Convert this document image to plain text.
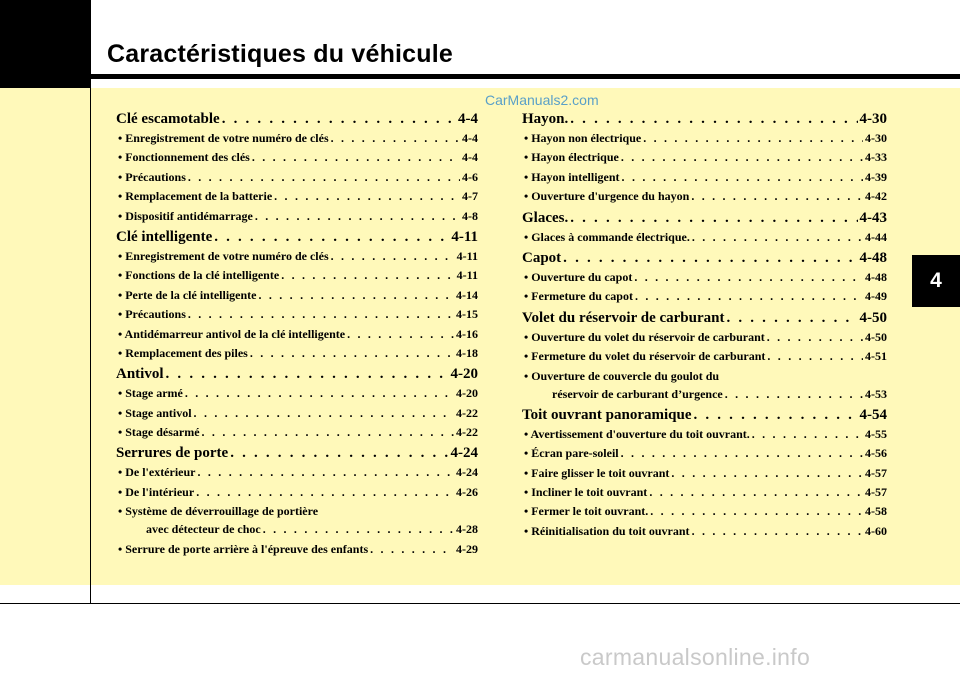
Caractéristiques du véhicule
CarManuals2.com
Clé escamotable . . .	4-4
• Enregistrement de votre numéro de clés . . .	4-4
• Fonctionnement des clés . . .	4-4
• Précautions . . .	4-6
• Remplacement de la batterie . . .	4-7
• Dispositif antidémarrage . . .	4-8
Clé intelligente . . .	4-11
• Enregistrement de votre numéro de clés . . .	4-11
• Fonctions de la clé intelligente . . .	4-11
• Perte de la clé intelligente . . .	4-14
• Précautions . . .	4-15
• Antidémarreur antivol de la clé intelligente . . .	4-16
• Remplacement des piles . . .	4-18
Antivol . . .	4-20
• Stage armé . . .	4-20
• Stage antivol . . .	4-22
• Stage désarmé . . .	4-22
Serrures de porte . . .	4-24
• De l'extérieur . . .	4-24
• De l'intérieur . . .	4-26
• Système de déverrouillage de portière
avec détecteur de choc . . .	4-28
• Serrure de porte arrière à l'épreuve des enfants . . .	4-29
Hayon. . . .	4-30
• Hayon non électrique . . .	4-30
• Hayon électrique . . .	4-33
• Hayon intelligent . . .	4-39
• Ouverture d'urgence du hayon . . .	4-42
Glaces. . . .	4-43
• Glaces à commande électrique. . . .	4-44
Capot . . .	4-48
• Ouverture du capot . . .	4-48
• Fermeture du capot . . .	4-49
Volet du réservoir de carburant . . .	4-50
• Ouverture du volet du réservoir de carburant . . .	4-50
• Fermeture du volet du réservoir de carburant . . .	4-51
• Ouverture de couvercle du goulot du
réservoir de carburant d’urgence . . .	4-53
Toit ouvrant panoramique . . .	4-54
• Avertissement d'ouverture du toit ouvrant. . . .	4-55
• Écran pare-soleil . . .	4-56
• Faire glisser le toit ouvrant . . .	4-57
• Incliner le toit ouvrant . . .	4-57
• Fermer le toit ouvrant. . . .	4-58
• Réinitialisation du toit ouvrant . . .	4-60
4
carmanualsonline.info
